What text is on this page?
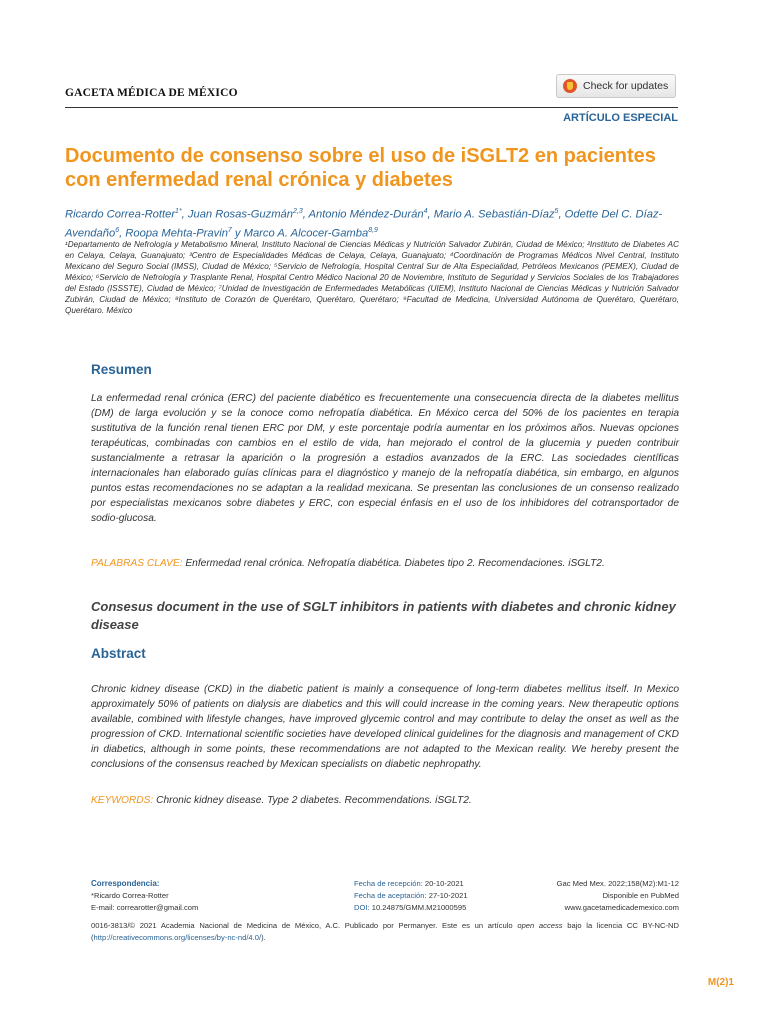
GACETA MÉDICA DE MÉXICO
Check for updates
ARTÍCULO ESPECIAL
Documento de consenso sobre el uso de iSGLT2 en pacientes con enfermedad renal crónica y diabetes
Ricardo Correa-Rotter$^{1*}$, Juan Rosas-Guzmán$^{2,3}$, Antonio Méndez-Durán$^4$, Mario A. Sebastián-Díaz$^5$, Odette Del C. Díaz-Avendaño$^6$, Roopa Mehta-Pravin$^7$ y Marco A. Alcocer-Gamba$^{8,9}$
¹Departamento de Nefrología y Metabolismo Mineral, Instituto Nacional de Ciencias Médicas y Nutrición Salvador Zubirán, Ciudad de México; ²Instituto de Diabetes AC en Celaya, Celaya, Guanajuato; ³Centro de Especialidades Médicas de Celaya, Celaya, Guanajuato; ⁴Coordinación de Programas Médicos Nivel Central, Instituto Mexicano del Seguro Social (IMSS), Ciudad de México; ⁵Servicio de Nefrología, Hospital Central Sur de Alta Especialidad, Petróleos Mexicanos (PEMEX), Ciudad de México; ⁶Servicio de Nefrología y Trasplante Renal, Hospital Centro Médico Nacional 20 de Noviembre, Instituto de Seguridad y Servicios Sociales de los Trabajadores del Estado (ISSSTE), Ciudad de México; ⁷Unidad de Investigación de Enfermedades Metabólicas (UIEM), Instituto Nacional de Ciencias Médicas y Nutrición Salvador Zubirán, Ciudad de México; ⁸Instituto de Corazón de Querétaro, Querétaro, Querétaro; ⁹Facultad de Medicina, Universidad Autónoma de Querétaro, Querétaro, Querétaro. México
Resumen
La enfermedad renal crónica (ERC) del paciente diabético es frecuentemente una consecuencia directa de la diabetes mellitus (DM) de larga evolución y se la conoce como nefropatía diabética. En México cerca del 50% de los pacientes en terapia sustitutiva de la función renal tienen ERC por DM, y este porcentaje podría aumentar en los próximos años. Nuevas opciones terapéuticas, combinadas con cambios en el estilo de vida, han mejorado el control de la glucemia y pueden contribuir sustancialmente a retrasar la aparición o la progresión a estadios avanzados de la ERC. Las sociedades científicas internacionales han elaborado guías clínicas para el diagnóstico y manejo de la nefropatía diabética, sin embargo, en algunos puntos estas recomendaciones no se adaptan a la realidad mexicana. Se presentan las conclusiones de un consenso realizado por especialistas mexicanos sobre diabetes y ERC, con especial énfasis en el uso de los inhibidores del cotransportador de sodio-glucosa.
PALABRAS CLAVE: Enfermedad renal crónica. Nefropatía diabética. Diabetes tipo 2. Recomendaciones. iSGLT2.
Consesus document in the use of SGLT inhibitors in patients with diabetes and chronic kidney disease
Abstract
Chronic kidney disease (CKD) in the diabetic patient is mainly a consequence of long-term diabetes mellitus itself. In Mexico approximately 50% of patients on dialysis are diabetics and this will could increase in the coming years. New therapeutic options available, combined with lifestyle changes, have improved glycemic control and may contribute to delay the onset as well as the progression of CKD. International scientific societies have developed clinical guidelines for the diagnosis and management of CKD in diabetics, although in some points, these recommendations are not adapted to the Mexican reality. We hereby present the conclusions of the consensus reached by Mexican specialists on diabetic nephropathy.
KEYWORDS: Chronic kidney disease. Type 2 diabetes. Recommendations. iSGLT2.
Correspondencia:
*Ricardo Correa-Rotter
E-mail: correarotter@gmail.com
Fecha de recepción: 20-10-2021
Fecha de aceptación: 27-10-2021
DOI: 10.24875/GMM.M21000595
Gac Med Mex. 2022;158(M2):M1-12
Disponible en PubMed
www.gacetamedicademexico.com
0016-3813/© 2021 Academia Nacional de Medicina de México, A.C. Publicado por Permanyer. Este es un artículo open access bajo la licencia CC BY-NC-ND (http://creativecommons.org/licenses/by-nc-nd/4.0/).
M(2)1
